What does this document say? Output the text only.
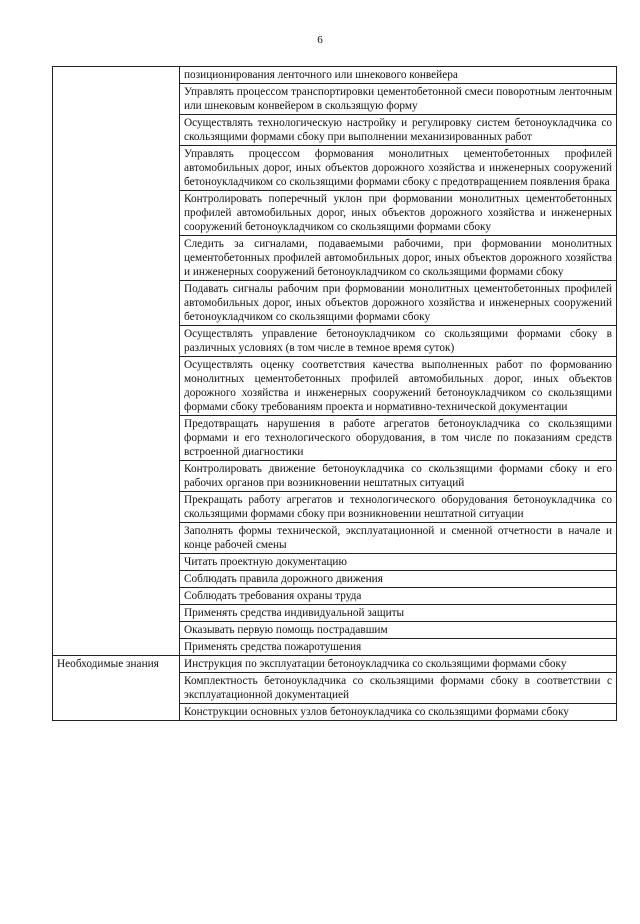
6
	позиционирования ленточного или шнекового конвейера
	Управлять процессом транспортировки цементобетонной смеси поворотным ленточным или шнековым конвейером в скользящую форму
	Осуществлять технологическую настройку и регулировку систем бетоноукладчика со скользящими формами сбоку при выполнении механизированных работ
	Управлять процессом формования монолитных цементобетонных профилей автомобильных дорог, иных объектов дорожного хозяйства и инженерных сооружений бетоноукладчиком со скользящими формами сбоку с предотвращением появления брака
	Контролировать поперечный уклон при формовании монолитных цементобетонных профилей автомобильных дорог, иных объектов дорожного хозяйства и инженерных сооружений бетоноукладчиком со скользящими формами сбоку
	Следить за сигналами, подаваемыми рабочими, при формовании монолитных цементобетонных профилей автомобильных дорог, иных объектов дорожного хозяйства и инженерных сооружений бетоноукладчиком со скользящими формами сбоку
	Подавать сигналы рабочим при формовании монолитных цементобетонных профилей автомобильных дорог, иных объектов дорожного хозяйства и инженерных сооружений бетоноукладчиком со скользящими формами сбоку
	Осуществлять управление бетоноукладчиком со скользящими формами сбоку в различных условиях (в том числе в темное время суток)
	Осуществлять оценку соответствия качества выполненных работ по формованию монолитных цементобетонных профилей автомобильных дорог, иных объектов дорожного хозяйства и инженерных сооружений бетоноукладчиком со скользящими формами сбоку требованиям проекта и нормативно-технической документации
	Предотвращать нарушения в работе агрегатов бетоноукладчика со скользящими формами и его технологического оборудования, в том числе по показаниям средств встроенной диагностики
	Контролировать движение бетоноукладчика со скользящими формами сбоку и его рабочих органов при возникновении нештатных ситуаций
	Прекращать работу агрегатов и технологического оборудования бетоноукладчика со скользящими формами сбоку при возникновении нештатной ситуации
	Заполнять формы технической, эксплуатационной и сменной отчетности в начале и конце рабочей смены
	Читать проектную документацию
	Соблюдать правила дорожного движения
	Соблюдать требования охраны труда
	Применять средства индивидуальной защиты
	Оказывать первую помощь пострадавшим
	Применять средства пожаротушения
Необходимые знания	Инструкция по эксплуатации бетоноукладчика со скользящими формами сбоку
	Комплектность бетоноукладчика со скользящими формами сбоку в соответствии с эксплуатационной документацией
	Конструкции основных узлов бетоноукладчика со скользящими формами сбоку
